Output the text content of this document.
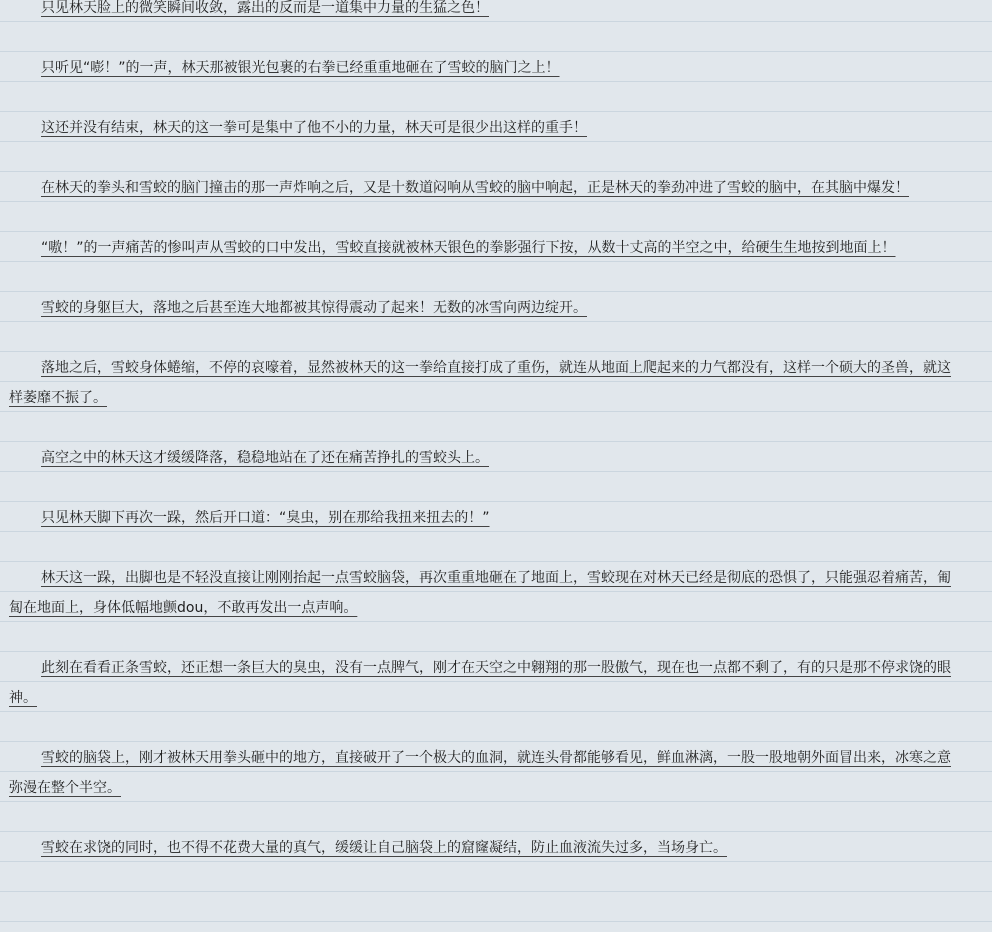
只见林天脸上的微笑瞬间收敛，露出的反而是一道集中力量的生猛之色！

只听见“嘭！”的一声，林天那被银光包裹的右拳已经重重地砸在了雪蛟的脑门之上！

这还并没有结束，林天的这一拳可是集中了他不小的力量，林天可是很少出这样的重手！

在林天的拳头和雪蛟的脑门撞击的那一声炸响之后，又是十数道闷响从雪蛟的脑中响起，正是林天的拳劲冲进了雪蛟的脑中，在其脑中爆发！

“嗷！”的一声痛苦的惨叫声从雪蛟的口中发出，雪蛟直接就被林天银色的拳影强行下按，从数十丈高的半空之中，给硬生生地按到地面上！

雪蛟的身躯巨大，落地之后甚至连大地都被其惊得震动了起来！无数的冰雪向两边绽开。

落地之后，雪蛟身体蜷缩，不停的哀嚎着，显然被林天的这一拳给直接打成了重伤，就连从地面上爬起来的力气都没有，这样一个硕大的圣兽，就这样萎靡不振了。

高空之中的林天这才缓缓降落，稳稳地站在了还在痛苦挣扎的雪蛟头上。

只见林天脚下再次一跺，然后开口道：“臭虫，别在那给我扭来扭去的！”

林天这一跺，出脚也是不轻没直接让刚刚抬起一点雪蛟脑袋，再次重重地砸在了地面上，雪蛟现在对林天已经是彻底的恐惧了，只能强忍着痛苦，匍匐在地面上，身体低幅地颤dou，不敢再发出一点声响。

此刻在看看正条雪蛟，还正想一条巨大的臭虫，没有一点脾气，刚才在天空之中翱翔的那一股傲气，现在也一点都不剩了，有的只是那不停求饶的眼神。

雪蛟的脑袋上，刚才被林天用拳头砸中的地方，直接破开了一个极大的血洞，就连头骨都能够看见，鲜血淋漓，一股一股地朝外面冒出来，冰寒之意弥漫在整个半空。

雪蛟在求饶的同时，也不得不花费大量的真气，缓缓让自己脑袋上的窟窿凝结，防止血液流失过多，当场身亡。
